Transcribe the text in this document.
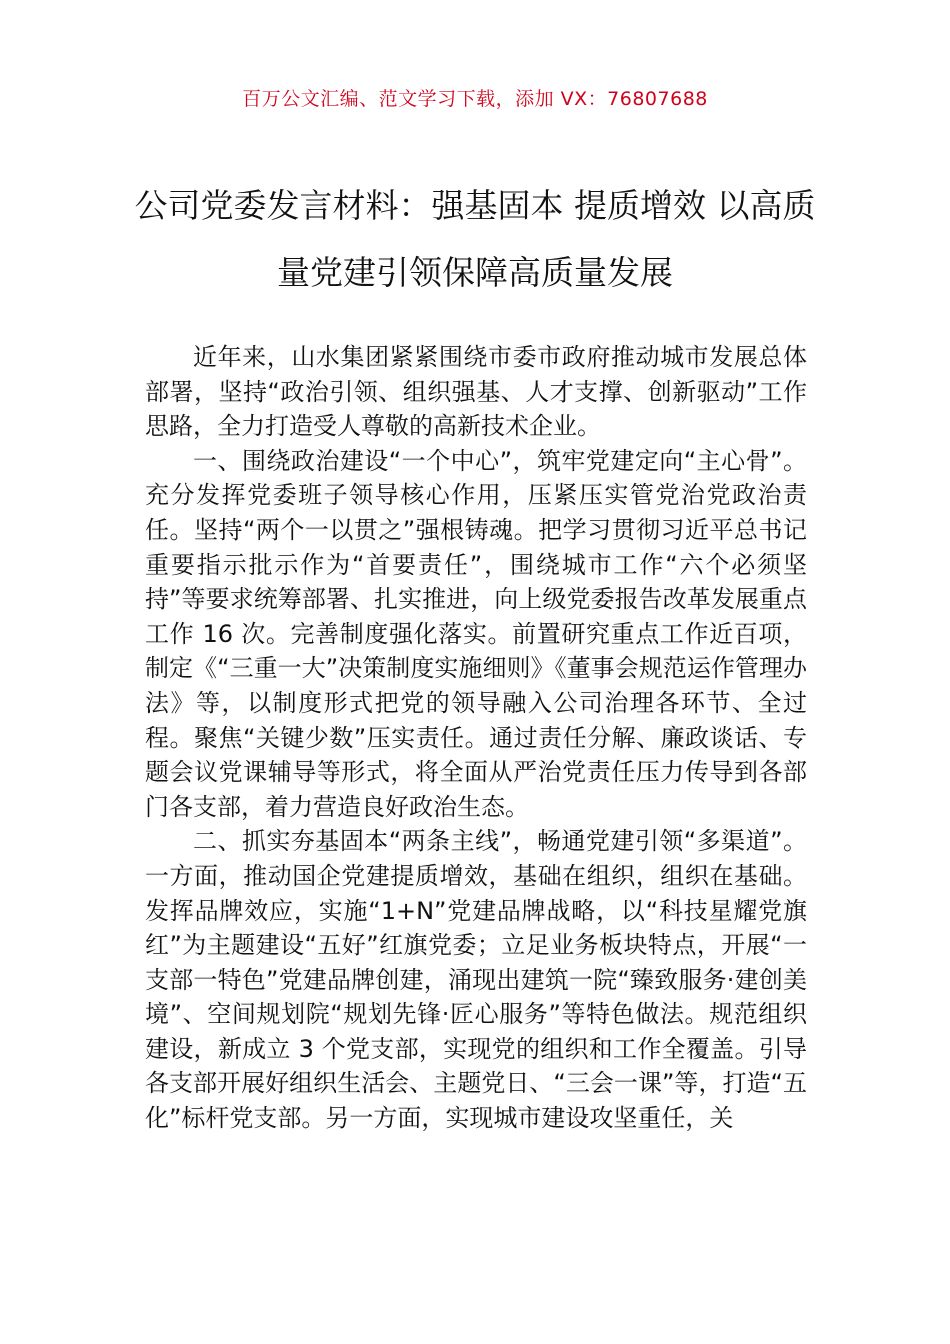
百万公文汇编、范文学习下载，添加 VX：76807688
公司党委发言材料：强基固本 提质增效 以高质量党建引领保障高质量发展

近年来，山水集团紧紧围绕市委市政府推动城市发展总体部署，坚持“政治引领、组织强基、人才支撑、创新驱动”工作思路，全力打造受人尊敬的高新技术企业。

一、围绕政治建设“一个中心”，筑牢党建定向“主心骨”。充分发挥党委班子领导核心作用，压紧压实管党治党政治责任。坚持“两个一以贯之”强根铸魂。把学习贯彻习近平总书记重要指示批示作为“首要责任”，围绕城市工作“六个必须坚持”等要求统筹部署、扎实推进，向上级党委报告改革发展重点工作 16 次。完善制度强化落实。前置研究重点工作近百项，制定《“三重一大”决策制度实施细则》《董事会规范运作管理办法》等，以制度形式把党的领导融入公司治理各环节、全过程。聚焦“关键少数”压实责任。通过责任分解、廉政谈话、专题会议党课辅导等形式，将全面从严治党责任压力传导到各部门各支部，着力营造良好政治生态。

二、抓实夯基固本“两条主线”，畅通党建引领“多渠道”。一方面，推动国企党建提质增效，基础在组织，组织在基础。发挥品牌效应，实施“1+N”党建品牌战略，以“科技星耀党旗红”为主题建设“五好”红旗党委；立足业务板块特点，开展“一支部一特色”党建品牌创建，涌现出建筑一院“臻致服务·建创美境”、空间规划院“规划先锋·匠心服务”等特色做法。规范组织建设，新成立 3 个党支部，实现党的组织和工作全覆盖。引导各支部开展好组织生活会、主题党日、“三会一课”等，打造“五化”标杆党支部。另一方面，实现城市建设攻坚重任，关
